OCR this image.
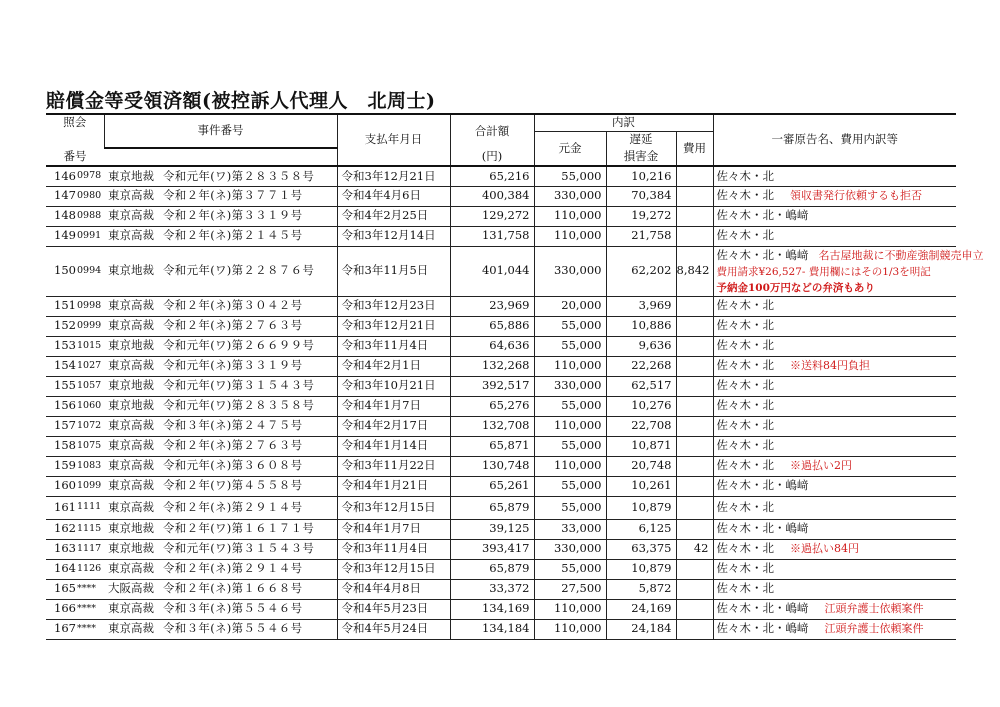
賠償金等受領済額(被控訴人代理人　北周士)
照会		事件番号		支払年月日	合計額	内訳			一審原告名、費用内訳等
						元金	遅延	費用	
番号					(円)		損害金		
146	0978	東京地裁	令和元年(ワ)第２８３５８号	令和3年12月21日	65,216	55,000	10,216		佐々木・北
147	0980	東京高裁	令和２年(ネ)第３７７１号	令和4年4月6日	400,384	330,000	70,384		佐々木・北 領収書発行依頼するも拒否
148	0988	東京高裁	令和２年(ネ)第３３１９号	令和4年2月25日	129,272	110,000	19,272		佐々木・北・嶋﨑
149	0991	東京高裁	令和２年(ネ)第２１４５号	令和3年12月14日	131,758	110,000	21,758		佐々木・北
150	0994	東京地裁	令和元年(ワ)第２２８７６号	令和3年11月5日	401,044	330,000	62,202	8,842	佐々木・北・嶋﨑 名古屋地裁に不動産強制競売申立
費用請求¥26,527- 費用欄にはその1/3を明記
予納金100万円などの弁済もあり

151	0998	東京高裁	令和２年(ネ)第３０４２号	令和3年12月23日	23,969	20,000	3,969		佐々木・北
152	0999	東京高裁	令和２年(ネ)第２７６３号	令和3年12月21日	65,886	55,000	10,886		佐々木・北
153	1015	東京地裁	令和元年(ワ)第２６６９９号	令和3年11月4日	64,636	55,000	9,636		佐々木・北
154	1027	東京高裁	令和元年(ネ)第３３１９号	令和4年2月1日	132,268	110,000	22,268		佐々木・北 ※送料84円負担
155	1057	東京地裁	令和元年(ワ)第３１５４３号	令和3年10月21日	392,517	330,000	62,517		佐々木・北
156	1060	東京地裁	令和元年(ワ)第２８３５８号	令和4年1月7日	65,276	55,000	10,276		佐々木・北
157	1072	東京高裁	令和３年(ネ)第２４７５号	令和4年2月17日	132,708	110,000	22,708		佐々木・北
158	1075	東京高裁	令和２年(ネ)第２７６３号	令和4年1月14日	65,871	55,000	10,871		佐々木・北
159	1083	東京高裁	令和元年(ネ)第３６０８号	令和3年11月22日	130,748	110,000	20,748		佐々木・北 ※過払い2円
160	1099	東京高裁	令和２年(ワ)第４５５８号	令和4年1月21日	65,261	55,000	10,261		佐々木・北・嶋﨑
161	1111	東京高裁	令和２年(ネ)第２９１４号	令和3年12月15日	65,879	55,000	10,879		佐々木・北
162	1115	東京地裁	令和２年(ワ)第１６１７１号	令和4年1月7日	39,125	33,000	6,125		佐々木・北・嶋﨑
163	1117	東京地裁	令和元年(ワ)第３１５４３号	令和3年11月4日	393,417	330,000	63,375	42	佐々木・北 ※過払い84円
164	1126	東京高裁	令和２年(ネ)第２９１４号	令和3年12月15日	65,879	55,000	10,879		佐々木・北
165	****	大阪高裁	令和２年(ネ)第１６６８号	令和4年4月8日	33,372	27,500	5,872		佐々木・北
166	****	東京高裁	令和３年(ネ)第５５４６号	令和4年5月23日	134,169	110,000	24,169		佐々木・北・嶋﨑 江頭弁護士依頼案件
167	****	東京高裁	令和３年(ネ)第５５４６号	令和4年5月24日	134,184	110,000	24,184		佐々木・北・嶋﨑 江頭弁護士依頼案件
